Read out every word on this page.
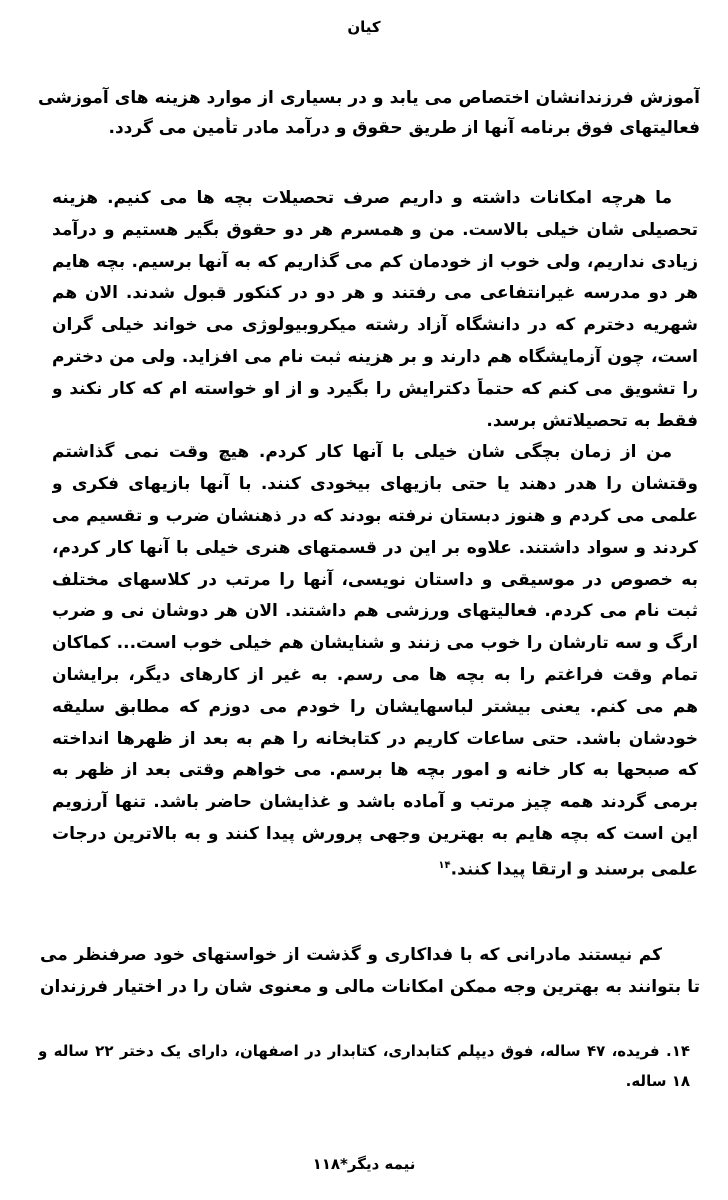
کیان
آموزش فرزندانشان اختصاص می یابد و در بسیاری از موارد هزینه های آموزشی
فعالیتهای فوق برنامه آنها از طریق حقوق و درآمد مادر تأمین می گردد.
ما هرچه امکانات داشته و داریم صرف تحصیلات بچه ها می کنیم. هزینه
تحصیلی شان خیلی بالاست. من و همسرم هر دو حقوق بگیر هستیم و درآمد
زیادی نداریم، ولی خوب از خودمان کم می گذاریم که به آنها برسیم. بچه هایم
هر دو مدرسه غیرانتفاعی می رفتند و هر دو در کنکور قبول شدند. الان هم
شهریه دخترم که در دانشگاه آزاد رشته میکروبیولوژی می خواند خیلی گران
است، چون آزمایشگاه هم دارند و بر هزینه ثبت نام می افزاید. ولی من دخترم
را تشویق می کنم که حتماً دکترایش را بگیرد و از او خواسته ام که کار نکند و
فقط به تحصیلاتش برسد.
من از زمان بچگی شان خیلی با آنها کار کردم. هیچ وقت نمی گذاشتم
وقتشان را هدر دهند یا حتی بازیهای بیخودی کنند. با آنها بازیهای فکری و
علمی می کردم و هنوز دبستان نرفته بودند که در ذهنشان ضرب و تقسیم می
کردند و سواد داشتند. علاوه بر این در قسمتهای هنری خیلی با آنها کار کردم،
به خصوص در موسیقی و داستان نویسی، آنها را مرتب در کلاسهای مختلف
ثبت نام می کردم. فعالیتهای ورزشی هم داشتند. الان هر دوشان نی و ضرب
ارگ و سه تارشان را خوب می زنند و شنایشان هم خیلی خوب است... کماکان
تمام وقت فراغتم را به بچه ها می رسم. به غیر از کارهای دیگر، برایشان
هم می کنم. یعنی بیشتر لباسهایشان را خودم می دوزم که مطابق سلیقه
خودشان باشد. حتی ساعات کاریم در کتابخانه را هم به بعد از ظهرها انداخته
که صبحها به کار خانه و امور بچه ها برسم. می خواهم وقتی بعد از ظهر به
برمی گردند همه چیز مرتب و آماده باشد و غذایشان حاضر باشد. تنها آرزویم
این است که بچه هایم به بهترین وجهی پرورش پیدا کنند و به بالاترین درجات
علمی برسند و ارتقا پیدا کنند.$^{۱۴}$
کم نیستند مادرانی که با فداکاری و گذشت از خواستهای خود صرفنظر می
تا بتوانند به بهترین وجه ممکن امکانات مالی و معنوی شان را در اختیار فرزندان
۱۴. فریده، ۴۷ ساله، فوق دیپلم کتابداری، کتابدار در اصفهان، دارای یک دختر ۲۲ ساله و
۱۸ ساله.
نیمه دیگر*۱۱۸
